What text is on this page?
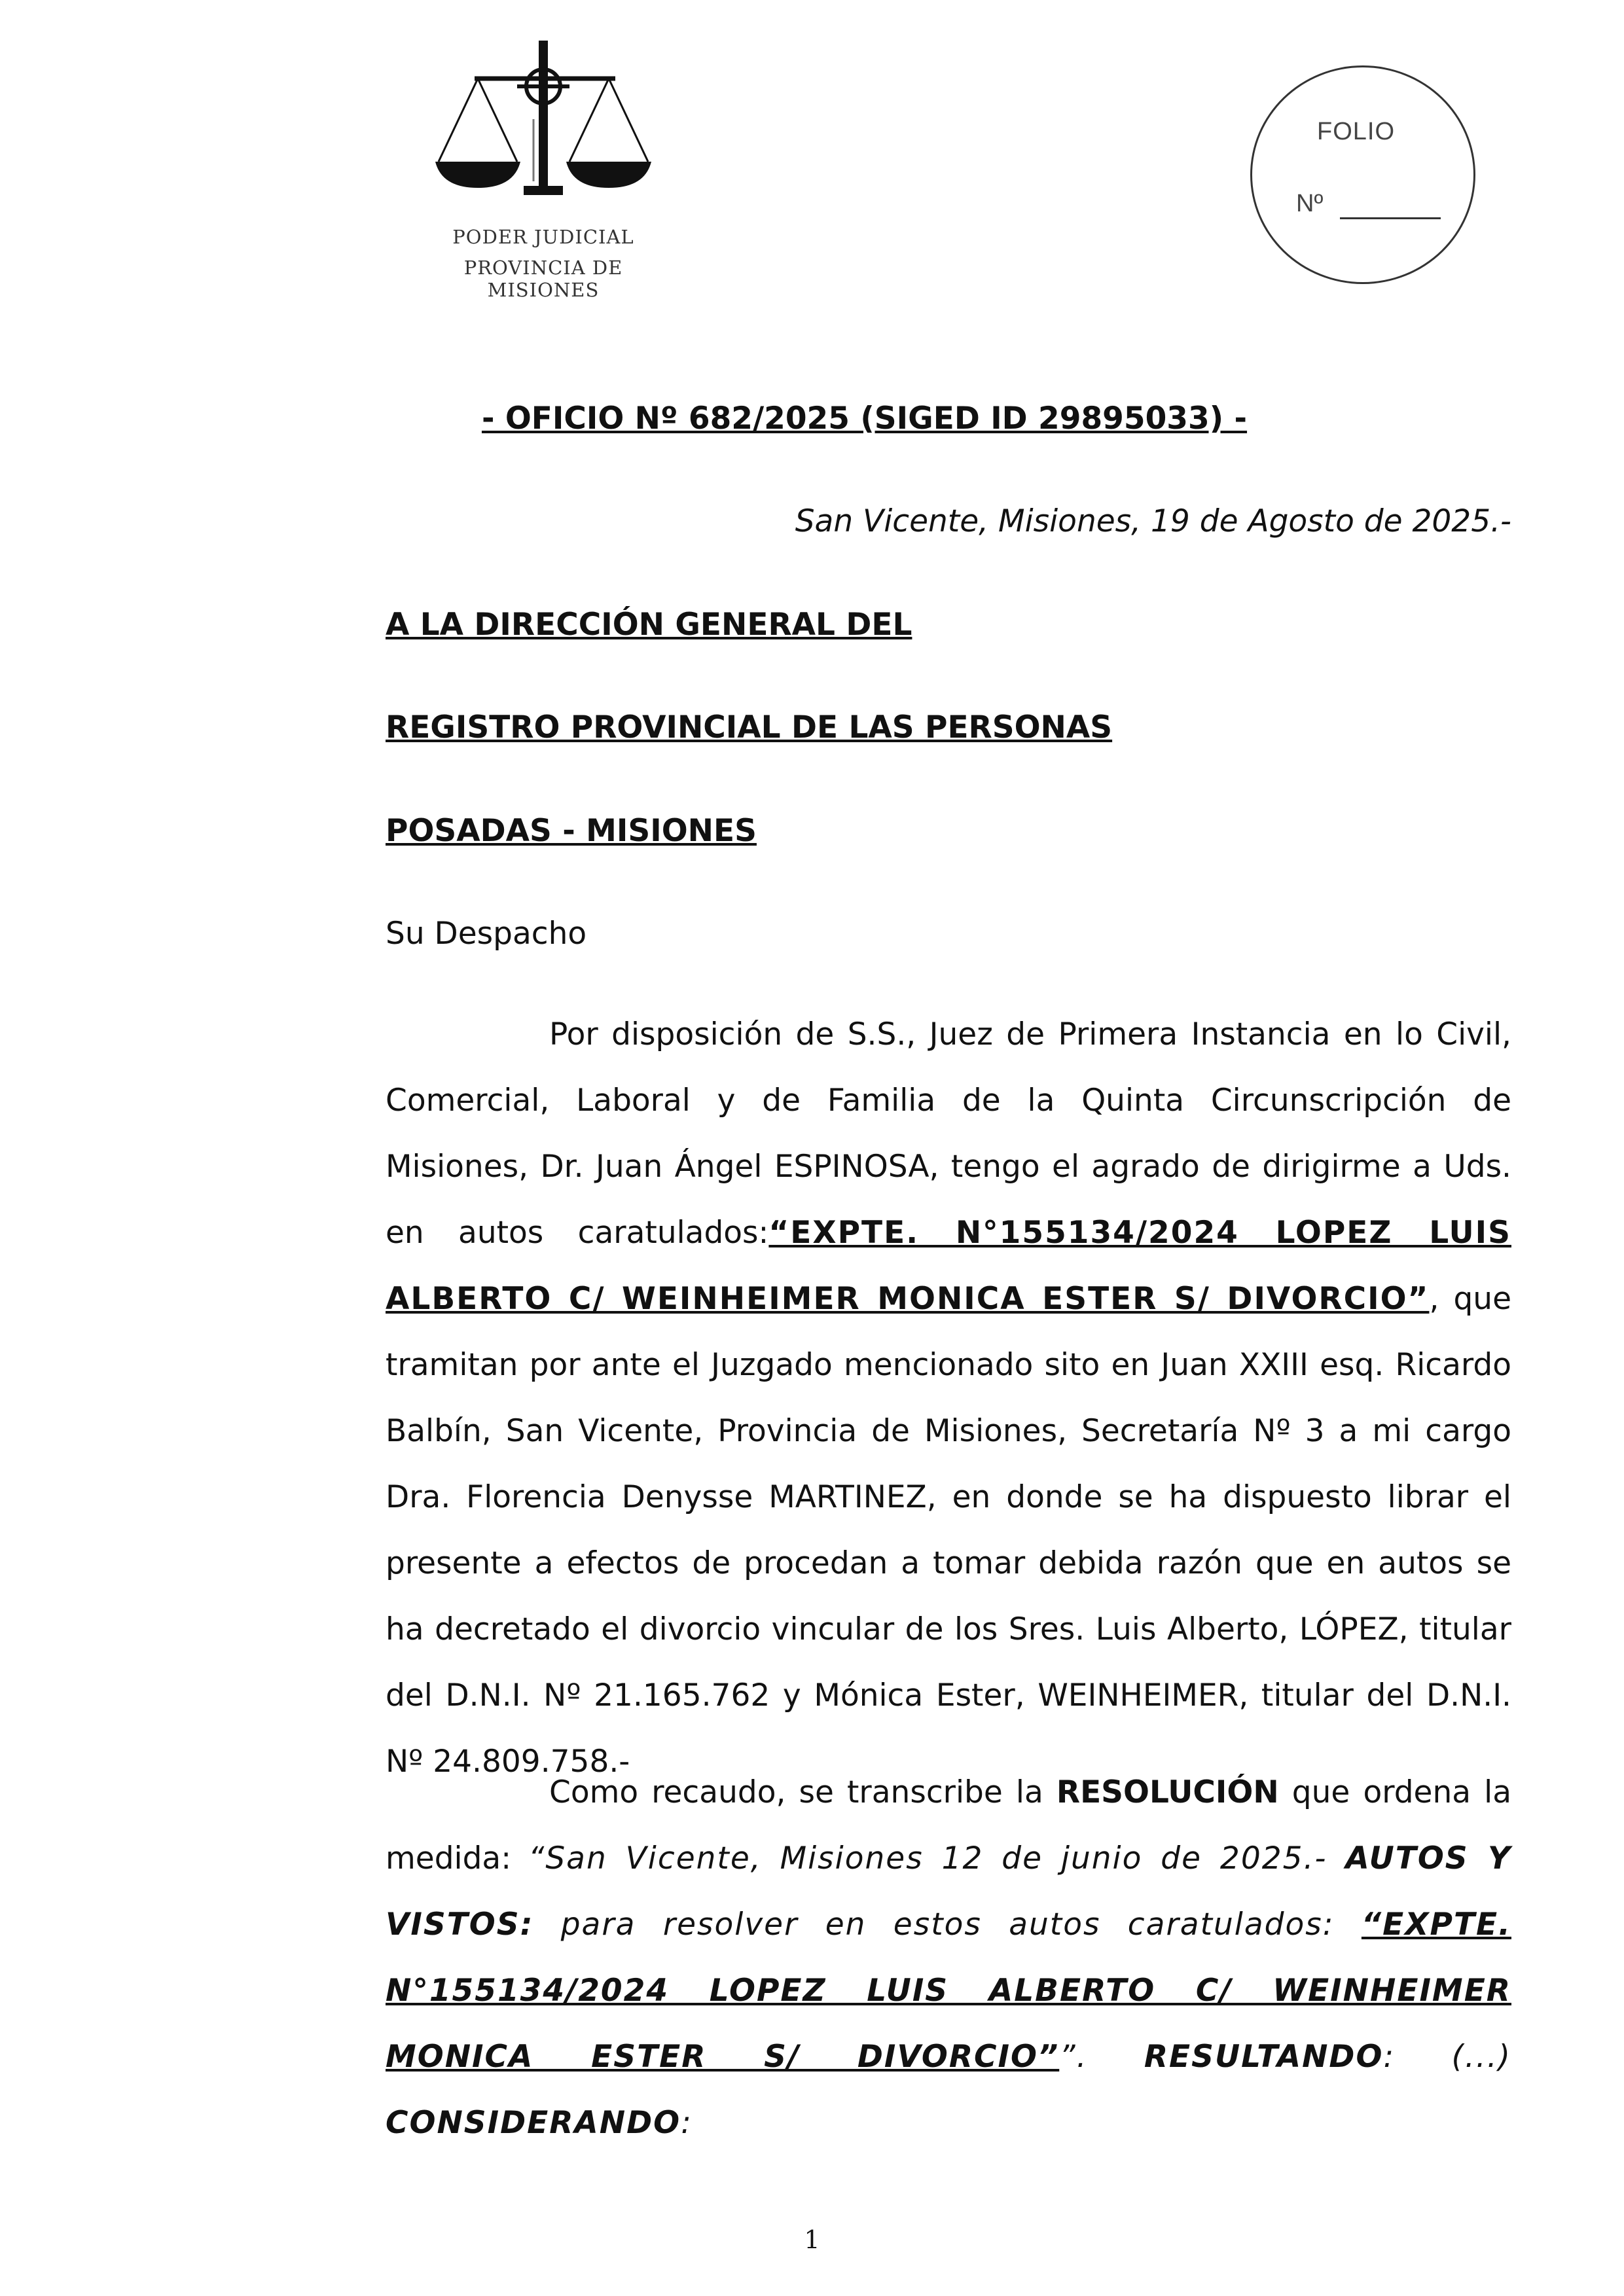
PODER JUDICIAL
PROVINCIA DE MISIONES
FOLIO
Nº
- OFICIO Nº 682/2025 (SIGED ID 29895033) -
San Vicente, Misiones, 19 de Agosto de 2025.-
A LA DIRECCIÓN GENERAL DEL
REGISTRO PROVINCIAL DE LAS PERSONAS
POSADAS - MISIONES
Su Despacho
Por disposición de S.S., Juez de Primera Instancia en lo Civil, Comercial, Laboral y de Familia de la Quinta Circunscripción de Misiones, Dr. Juan Ángel ESPINOSA, tengo el agrado de dirigirme a Uds. en autos caratulados:“EXPTE. N°155134/2024 LOPEZ LUIS ALBERTO C/ WEINHEIMER MONICA ESTER S/ DIVORCIO”, que tramitan por ante el Juzgado mencionado sito en Juan XXIII esq. Ricardo Balbín, San Vicente, Provincia de Misiones, Secretaría Nº 3 a mi cargo Dra. Florencia Denysse MARTINEZ, en donde se ha dispuesto librar el presente a efectos de procedan a tomar debida razón que en autos se ha decretado el divorcio vincular de los Sres. Luis Alberto, LÓPEZ, titular del D.N.I. Nº 21.165.762 y Mónica Ester, WEINHEIMER, titular del D.N.I. Nº 24.809.758.-
Como recaudo, se transcribe la RESOLUCIÓN que ordena la medida: “San Vicente, Misiones 12 de junio de 2025.- AUTOS Y VISTOS: para resolver en estos autos caratulados: “EXPTE. N°155134/2024 LOPEZ LUIS ALBERTO C/ WEINHEIMER MONICA ESTER S/ DIVORCIO””. RESULTANDO: (...) CONSIDERANDO:
1
